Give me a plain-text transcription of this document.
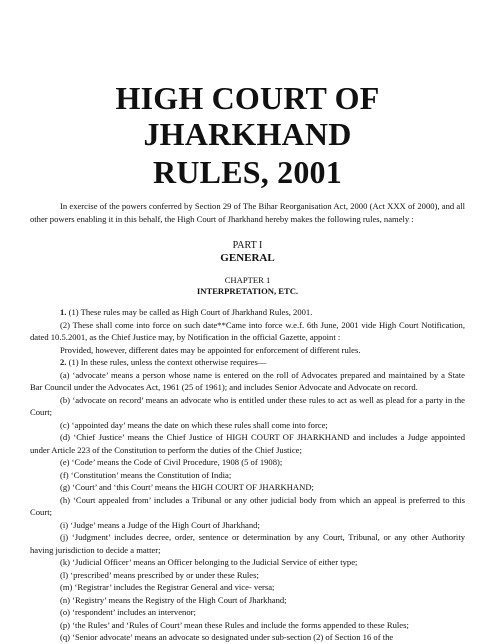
HIGH COURT OF JHARKHAND
RULES, 2001

In exercise of the powers conferred by Section 29 of The Bihar Reorganisation Act, 2000 (Act XXX of 2000), and all other powers enabling it in this behalf, the High Court of Jharkhand hereby makes the following rules, namely :

PART I
GENERAL
CHAPTER 1
INTERPRETATION, ETC.

1. (1) These rules may be called as High Court of Jharkhand Rules, 2001.

(2) These shall come into force on such date**Came into force w.e.f. 6th June, 2001 vide High Court Notification, dated 10.5.2001, as the Chief Justice may, by Notification in the official Gazette, appoint :

Provided, however, different dates may be appointed for enforcement of different rules.

2. (1) In these rules, unless the context otherwise requires—

(a) ‘advocate’ means a person whose name is entered on the roll of Advocates prepared and maintained by a State Bar Council under the Advocates Act, 1961 (25 of 1961); and includes Senior Advocate and Advocate on record.

(b) ‘advocate on record’ means an advocate who is entitled under these rules to act as well as plead for a party in the Court;

(c) ‘appointed day’ means the date on which these rules shall come into force;

(d) ‘Chief Justice’ means the Chief Justice of HIGH COURT OF JHARKHAND and includes a Judge appointed under Article 223 of the Constitution to perform the duties of the Chief Justice;

(e) ‘Code’ means the Code of Civil Procedure, 1908 (5 of 1908);

(f) ‘Constitution’ means the Constitution of India;

(g) ‘Court’ and ‘this Court’ means the HIGH COURT OF JHARKHAND;

(h) ‘Court appealed from’ includes a Tribunal or any other judicial body from which an appeal is preferred to this Court;

(i) ‘Judge’ means a Judge of the High Court of Jharkhand;

(j) ‘Judgment’ includes decree, order, sentence or determination by any Court, Tribunal, or any other Authority having jurisdiction to decide a matter;

(k) ‘Judicial Officer’ means an Officer belonging to the Judicial Service of either type;

(l) ‘prescribed’ means prescribed by or under these Rules;

(m) ‘Registrar’ includes the Registrar General and vice- versa;

(n) ‘Registry’ means the Registry of the High Court of Jharkhand;

(o) ‘respondent’ includes an intervenor;

(p) ‘the Rules’ and ‘Rules of Court’ mean these Rules and include the forms appended to these Rules;

(q) ‘Senior advocate’ means an advocate so designated under sub-section (2) of Section 16 of the
